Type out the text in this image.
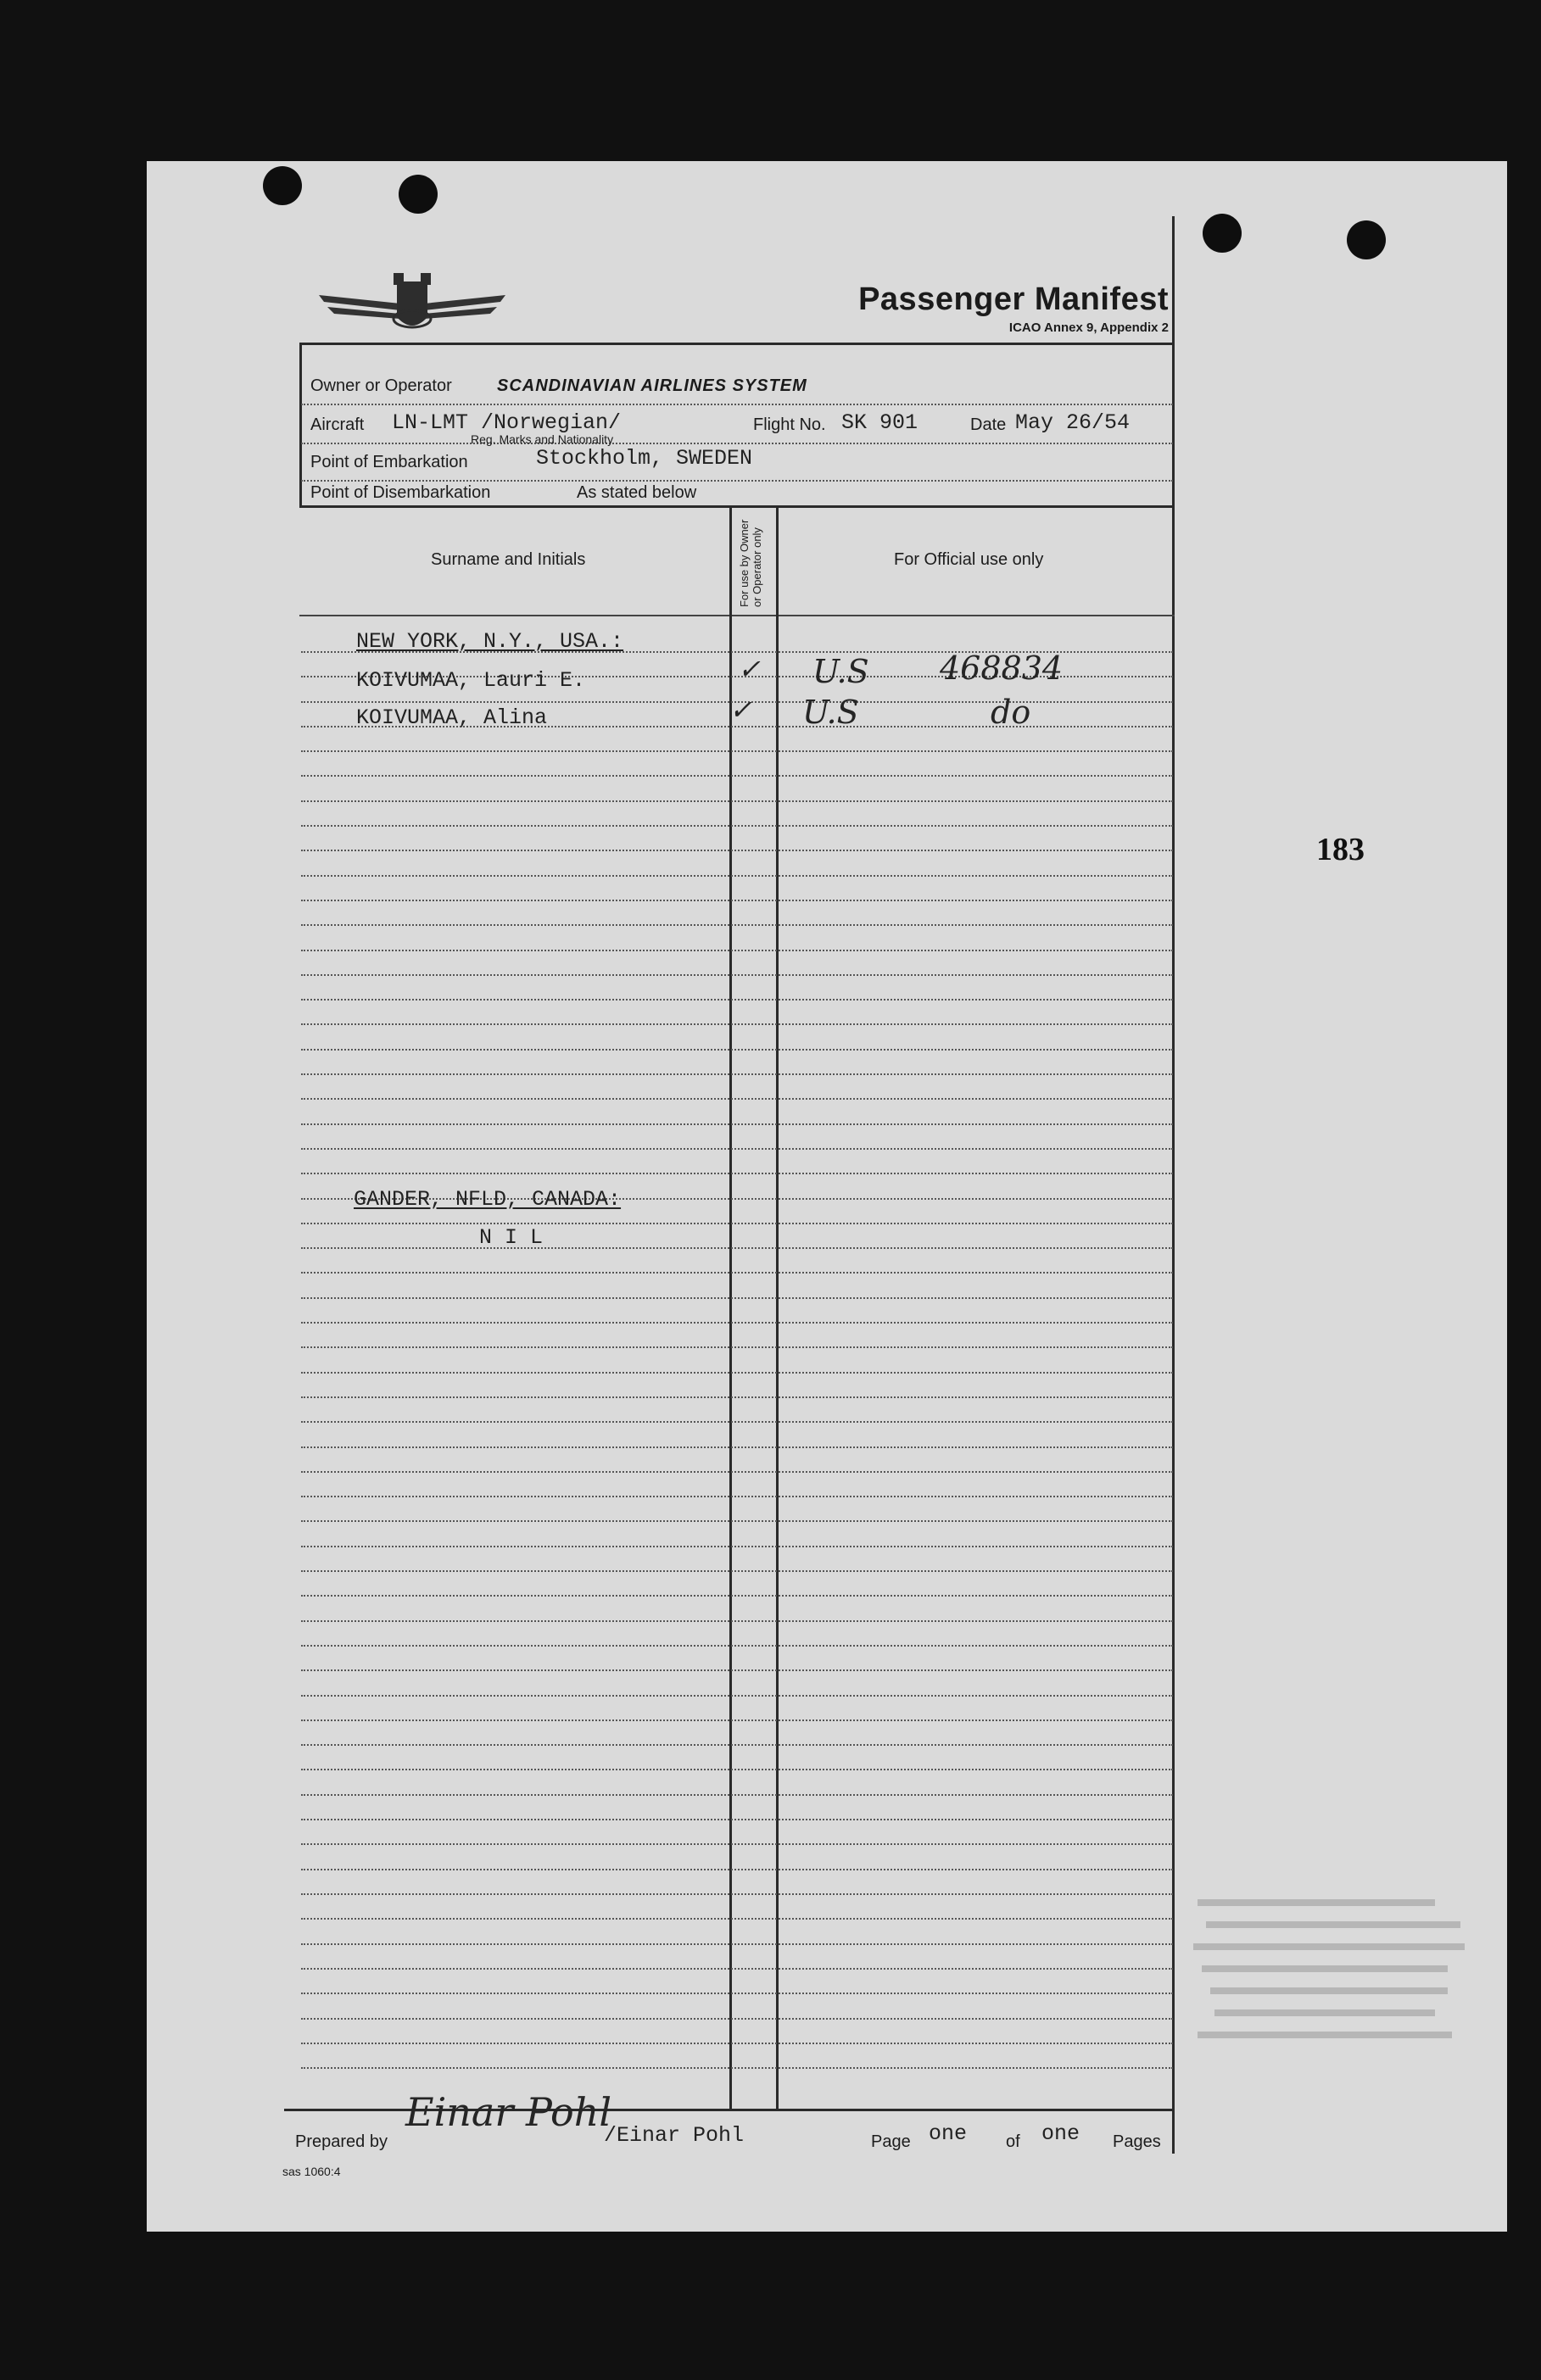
Passenger Manifest
ICAO Annex 9, Appendix 2
Owner or Operator	SCANDINAVIAN AIRLINES SYSTEM
Aircraft LN-LMT /Norwegian/
Reg. Marks and Nationality
Flight No. SK 901	Date May 26/54
Point of Embarkation	Stockholm, SWEDEN
Point of Disembarkation	As stated below
Surname and Initials	For use by Owner or Operator only	For Official use only
NEW YORK, N.Y., USA.:
KOIVUMAA, Lauri E.	✓ U.S 468834
KOIVUMAA, Alina	✓ U.S	do
GANDER, NFLD, CANADA:
N I L
183
Prepared by
Einar Pohl
/Einar Pohl	Page one of one Pages
sas 1060:4
